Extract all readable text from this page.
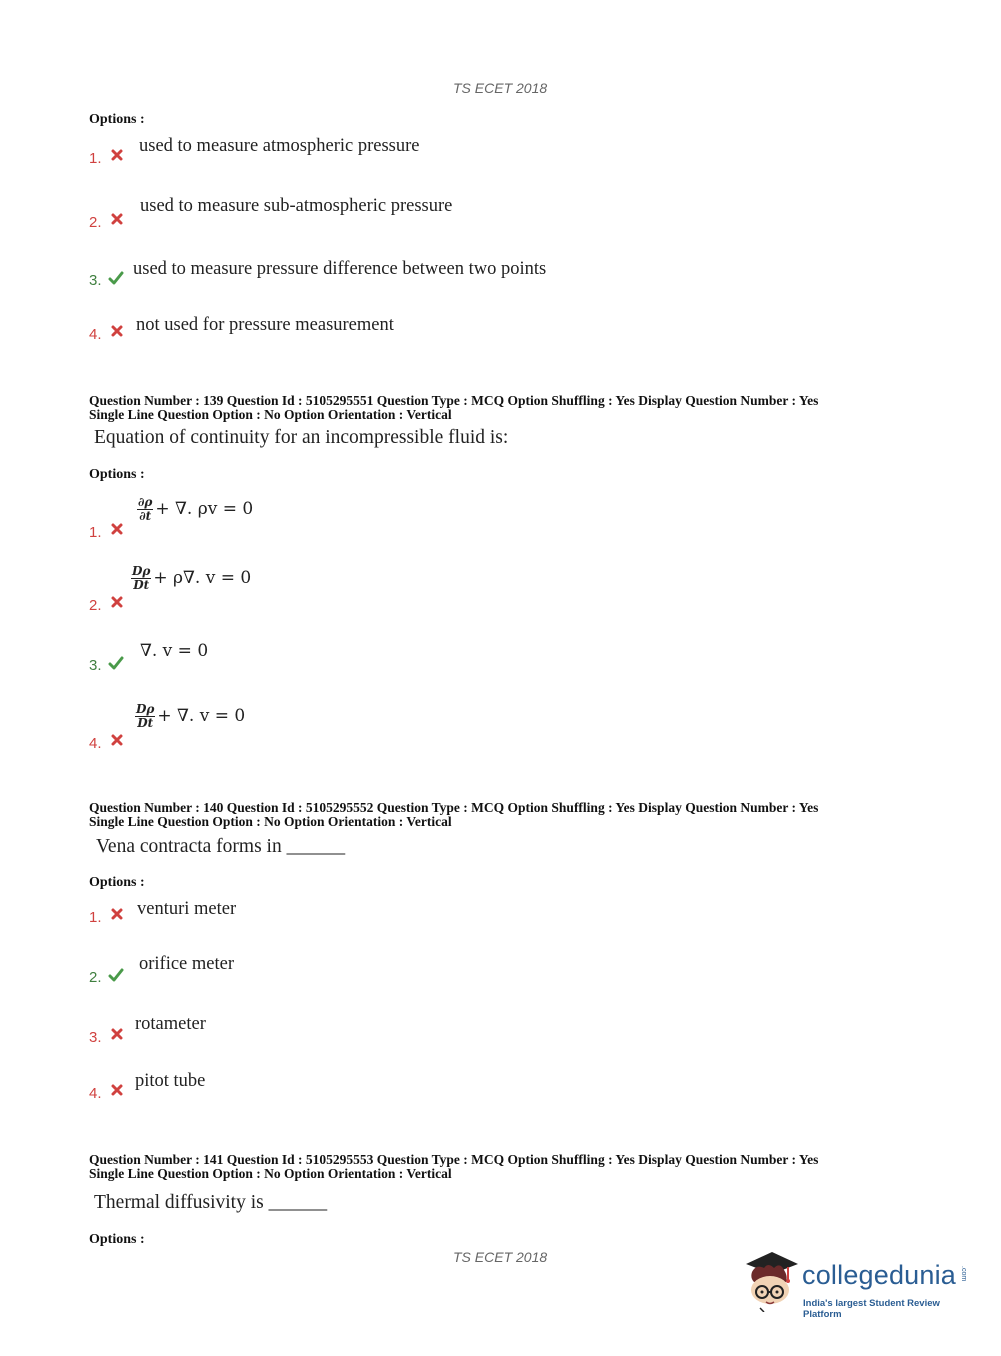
TS ECET 2018
Options :
1.
used to measure atmospheric pressure
2.
used to measure sub-atmospheric pressure
3.
used to measure pressure difference between two points
4. not used for pressure measurement
Question Number : 139 Question Id : 5105295551 Question Type : MCQ Option Shuffling : Yes Display Question Number : Yes
Single Line Question Option : No Option Orientation : Vertical
Equation of continuity for an incompressible fluid is:
Options :
1.
$\frac{\partial\rho}{\partial t}$ + ∇. ρv = 0
2.
$\frac{D\rho}{Dt} + \rho\nabla$. v = 0
3.
∇. v = 0
4.
$\frac{D\rho}{Dt}$ + ∇. v = 0
Question Number : 140 Question Id : 5105295552 Question Type : MCQ Option Shuffling : Yes Display Question Number : Yes
Single Line Question Option : No Option Orientation : Vertical
Vena contracta forms in ______
Options :
1. venturi meter
2.
orifice meter
3.
rotameter
4.
pitot tube
Question Number : 141 Question Id : 5105295553 Question Type : MCQ Option Shuffling : Yes Display Question Number : Yes
Single Line Question Option : No Option Orientation : Vertical
Thermal diffusivity is ______
Options :
TS ECET 2018
collegedunia .com
India's largest Student Review Platform
